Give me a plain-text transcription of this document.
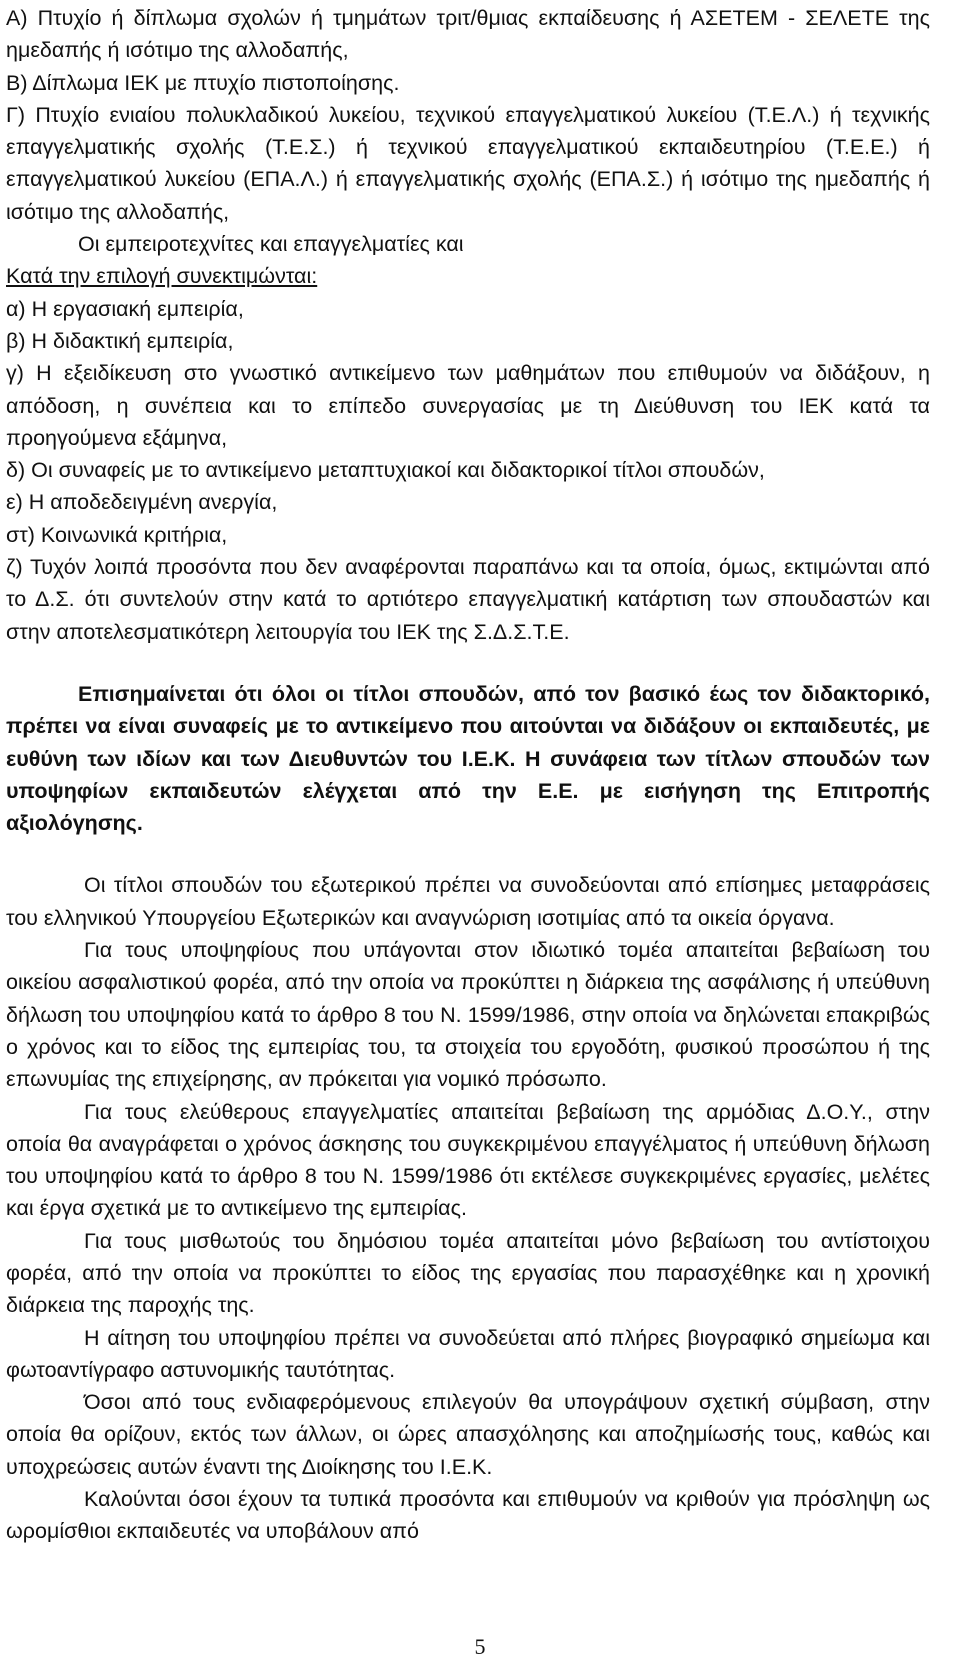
Α) Πτυχίο ή δίπλωμα σχολών ή τμημάτων τριτ/θμιας εκπαίδευσης ή ΑΣΕΤΕΜ - ΣΕΛΕΤΕ της ημεδαπής ή ισότιμο της αλλοδαπής,

Β) Δίπλωμα ΙΕΚ με πτυχίο πιστοποίησης.

Γ) Πτυχίο ενιαίου πολυκλαδικού λυκείου, τεχνικού επαγγελματικού λυκείου (Τ.Ε.Λ.) ή τεχνικής επαγγελματικής σχολής (Τ.Ε.Σ.) ή τεχνικού επαγγελματικού εκπαιδευτηρίου (Τ.Ε.Ε.) ή επαγγελματικού λυκείου (ΕΠΑ.Λ.) ή επαγγελματικής σχολής (ΕΠΑ.Σ.) ή ισότιμο της ημεδαπής ή ισότιμο της αλλοδαπής,

Οι εμπειροτεχνίτες και επαγγελματίες και

Κατά την επιλογή συνεκτιμώνται:

α) Η εργασιακή εμπειρία,

β) Η διδακτική εμπειρία,

γ) Η εξειδίκευση στο γνωστικό αντικείμενο των μαθημάτων που επιθυμούν να διδάξουν, η απόδοση, η συνέπεια και το επίπεδο συνεργασίας με τη Διεύθυνση του ΙΕΚ κατά τα προηγούμενα εξάμηνα,

δ) Οι συναφείς με το αντικείμενο μεταπτυχιακοί και διδακτορικοί τίτλοι σπουδών,

ε) Η αποδεδειγμένη ανεργία,

στ) Κοινωνικά κριτήρια,

ζ) Τυχόν λοιπά προσόντα που δεν αναφέρονται παραπάνω και τα οποία, όμως, εκτιμώνται από το Δ.Σ. ότι συντελούν στην κατά το αρτιότερο επαγγελματική κατάρτιση των σπουδαστών και στην αποτελεσματικότερη λειτουργία του ΙΕΚ της Σ.Δ.Σ.Τ.Ε.

Επισημαίνεται ότι όλοι οι τίτλοι σπουδών, από τον βασικό έως τον διδακτορικό, πρέπει να είναι συναφείς με το αντικείμενο που αιτούνται να διδάξουν οι εκπαιδευτές, με ευθύνη των ιδίων και των Διευθυντών του Ι.Ε.Κ. Η συνάφεια των τίτλων σπουδών των υποψηφίων εκπαιδευτών ελέγχεται από την Ε.Ε. με εισήγηση της Επιτροπής αξιολόγησης.

Οι τίτλοι σπουδών του εξωτερικού πρέπει να συνοδεύονται από επίσημες μεταφράσεις του ελληνικού Υπουργείου Εξωτερικών και αναγνώριση ισοτιμίας από τα οικεία όργανα.

Για τους υποψηφίους που υπάγονται στον ιδιωτικό τομέα απαιτείται βεβαίωση του οικείου ασφαλιστικού φορέα, από την οποία να προκύπτει η διάρκεια της ασφάλισης ή υπεύθυνη δήλωση του υποψηφίου κατά το άρθρο 8 του Ν. 1599/1986, στην οποία να δηλώνεται επακριβώς ο χρόνος και το είδος της εμπειρίας του, τα στοιχεία του εργοδότη, φυσικού προσώπου ή της επωνυμίας της επιχείρησης, αν πρόκειται για νομικό πρόσωπο.

Για τους ελεύθερους επαγγελματίες απαιτείται βεβαίωση της αρμόδιας Δ.Ο.Υ., στην οποία θα αναγράφεται ο χρόνος άσκησης του συγκεκριμένου επαγγέλματος ή υπεύθυνη δήλωση του υποψηφίου κατά το άρθρο 8 του Ν. 1599/1986 ότι εκτέλεσε συγκεκριμένες εργασίες, μελέτες και έργα σχετικά με το αντικείμενο της εμπειρίας.

Για τους μισθωτούς του δημόσιου τομέα απαιτείται μόνο βεβαίωση του αντίστοιχου φορέα, από την οποία να προκύπτει το είδος της εργασίας που παρασχέθηκε και η χρονική διάρκεια της παροχής της.

Η αίτηση του υποψηφίου πρέπει να συνοδεύεται από πλήρες βιογραφικό σημείωμα και φωτοαντίγραφο αστυνομικής ταυτότητας.

Όσοι από τους ενδιαφερόμενους επιλεγούν θα υπογράψουν σχετική σύμβαση, στην οποία θα ορίζουν, εκτός των άλλων, οι ώρες απασχόλησης και αποζημίωσής τους, καθώς και υποχρεώσεις αυτών έναντι της Διοίκησης του Ι.Ε.Κ.

Καλούνται όσοι έχουν τα τυπικά προσόντα και επιθυμούν να κριθούν για πρόσληψη ως ωρομίσθιοι εκπαιδευτές να υποβάλουν από

5
